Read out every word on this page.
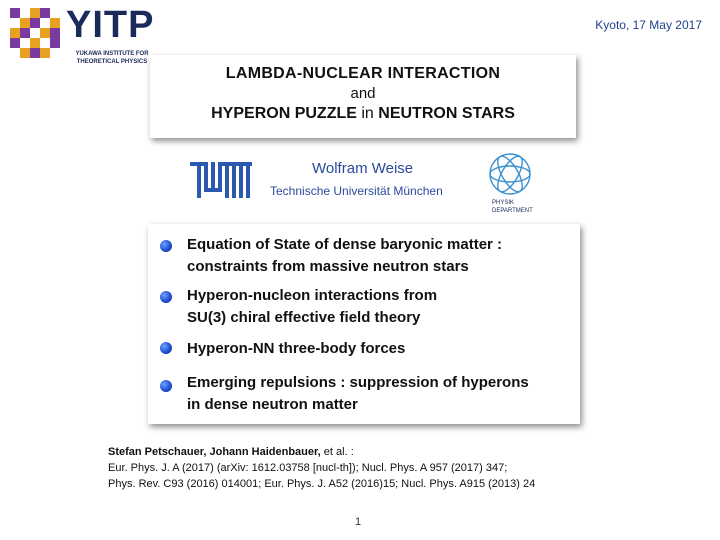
YITP
YUKAWA INSTITUTE FOR THEORETICAL PHYSICS
Kyoto, 17 May 2017
LAMBDA-NUCLEAR INTERACTION
and
HYPERON PUZZLE in NEUTRON STARS
Wolfram Weise
Technische Universität München
PHYSIK DEPARTMENT
Equation of State of dense baryonic matter :
constraints from massive neutron stars
Hyperon-nucleon interactions from
SU(3) chiral effective field theory
Hyperon-NN three-body forces
Emerging repulsions : suppression of hyperons
in dense neutron matter
Stefan Petschauer, Johann Haidenbauer, et al. :
Eur. Phys. J. A (2017) (arXiv: 1612.03758 [nucl-th]); Nucl. Phys. A 957 (2017) 347;
Phys. Rev. C93 (2016) 014001; Eur. Phys. J. A52 (2016)15; Nucl. Phys. A915 (2013) 24
1
